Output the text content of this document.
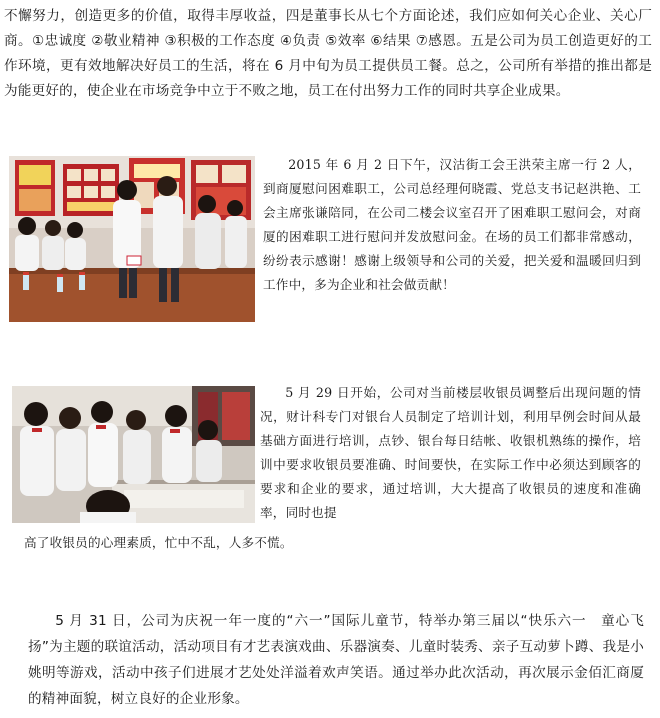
不懈努力，创造更多的价值，取得丰厚收益，四是董事长从七个方面论述，我们应如何关心企业、关心厂商。①忠诚度 ②敬业精神 ③积极的工作态度 ④负责 ⑤效率 ⑥结果 ⑦感恩。五是公司为员工创造更好的工作环境，更有效地解决好员工的生活，将在 6 月中旬为员工提供员工餐。总之，公司所有举措的推出都是为能更好的，使企业在市场竞争中立于不败之地，员工在付出努力工作的同时共享企业成果。

2015 年 6 月 2 日下午，汉沽街工会王洪荣主席一行 2 人，到商厦慰问困难职工，公司总经理何晓霞、党总支书记赵洪艳、工会主席张谦陪同，在公司二楼会议室召开了困难职工慰问会，对商厦的困难职工进行慰问并发放慰问金。在场的员工们都非常感动，纷纷表示感谢！感谢上级领导和公司的关爱，把关爱和温暖回归到工作中，多为企业和社会做贡献！

5 月 29 日开始，公司对当前楼层收银员调整后出现问题的情况，财计科专门对银台人员制定了培训计划，利用早例会时间从最基础方面进行培训，点钞、银台每日结帐、收银机熟练的操作，培训中要求收银员要准确、时间要快，在实际工作中必须达到顾客的要求和企业的要求，通过培训，大大提高了收银员的速度和准确率，同时也提

高了收银员的心理素质，忙中不乱，人多不慌。

5 月 31 日，公司为庆祝一年一度的“六一”国际儿童节，特举办第三届以“快乐六一　童心飞扬”为主题的联谊活动，活动项目有才艺表演戏曲、乐器演奏、儿童时装秀、亲子互动萝卜蹲、我是小姚明等游戏，活动中孩子们进展才艺处处洋溢着欢声笑语。通过举办此次活动，再次展示金佰汇商厦的精神面貌，树立良好的企业形象。
